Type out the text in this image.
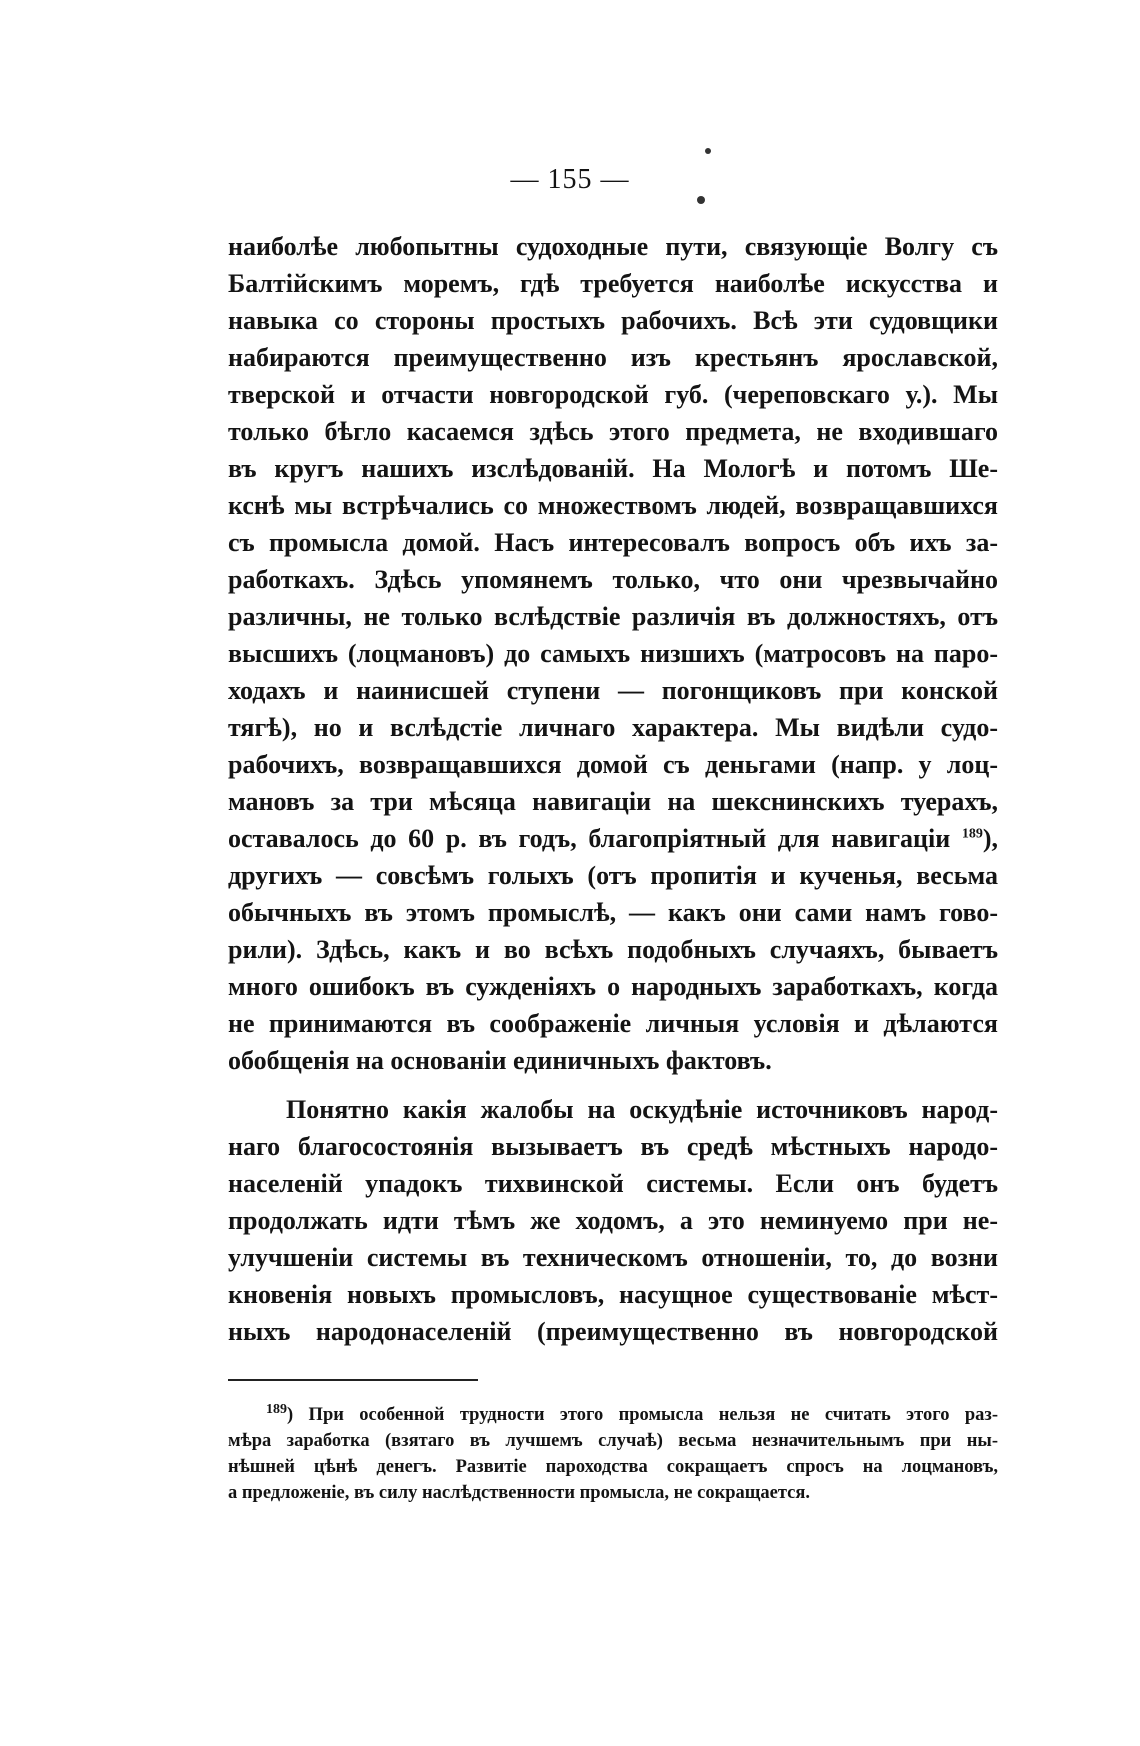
— 155 —
наиболѣе любопытны судоходные пути, связующіе Волгу съ
Балтійскимъ моремъ, гдѣ требуется наиболѣе искусства и
навыка со стороны простыхъ рабочихъ. Всѣ эти судовщики
набираются преимущественно изъ крестьянъ ярославской,
тверской и отчасти новгородской губ. (череповскаго у.). Мы
только бѣгло касаемся здѣсь этого предмета, не входившаго
въ кругъ нашихъ изслѣдованій. На Мологѣ и потомъ Ше-
кснѣ мы встрѣчались со множествомъ людей, возвращавшихся
съ промысла домой. Насъ интересовалъ вопросъ объ ихъ за-
работкахъ. Здѣсь упомянемъ только, что они чрезвычайно
различны, не только вслѣдствіе различія въ должностяхъ, отъ
высшихъ (лоцмановъ) до самыхъ низшихъ (матросовъ на паро-
ходахъ и наинисшей ступени — погонщиковъ при конской
тягѣ), но и вслѣдстіе личнаго характера. Мы видѣли судо-
рабочихъ, возвращавшихся домой съ деньгами (напр. у лоц-
мановъ за три мѣсяца навигаціи на шекснинскихъ туерахъ,
оставалось до 60 р. въ годъ, благопріятный для навигаціи $^{189}$),
другихъ — совсѣмъ голыхъ (отъ пропитія и кученья, весьма
обычныхъ въ этомъ промыслѣ, — какъ они сами намъ гово-
рили). Здѣсь, какъ и во всѣхъ подобныхъ случаяхъ, бываетъ
много ошибокъ въ сужденіяхъ о народныхъ заработкахъ, когда
не принимаются въ соображеніе личныя условія и дѣлаются
обобщенія на основаніи единичныхъ фактовъ.
Понятно какія жалобы на оскудѣніе источниковъ народ-
наго благосостоянія вызываетъ въ средѣ мѣстныхъ народо-
населеній упадокъ тихвинской системы. Если онъ будетъ
продолжать идти тѣмъ же ходомъ, а это неминуемо при не-
улучшеніи системы въ техническомъ отношеніи, то, до возни
кновенія новыхъ промысловъ, насущное существованіе мѣст-
ныхъ народонаселеній (преимущественно въ новгородской
$^{189}$) При особенной трудности этого промысла нельзя не считать этого раз-
мѣра заработка (взятаго въ лучшемъ случаѣ) весьма незначительнымъ при ны-
нѣшней цѣнѣ денегъ. Развитіе пароходства сокращаетъ спросъ на лоцмановъ,
а предложеніе, въ силу наслѣдственности промысла, не сокращается.
